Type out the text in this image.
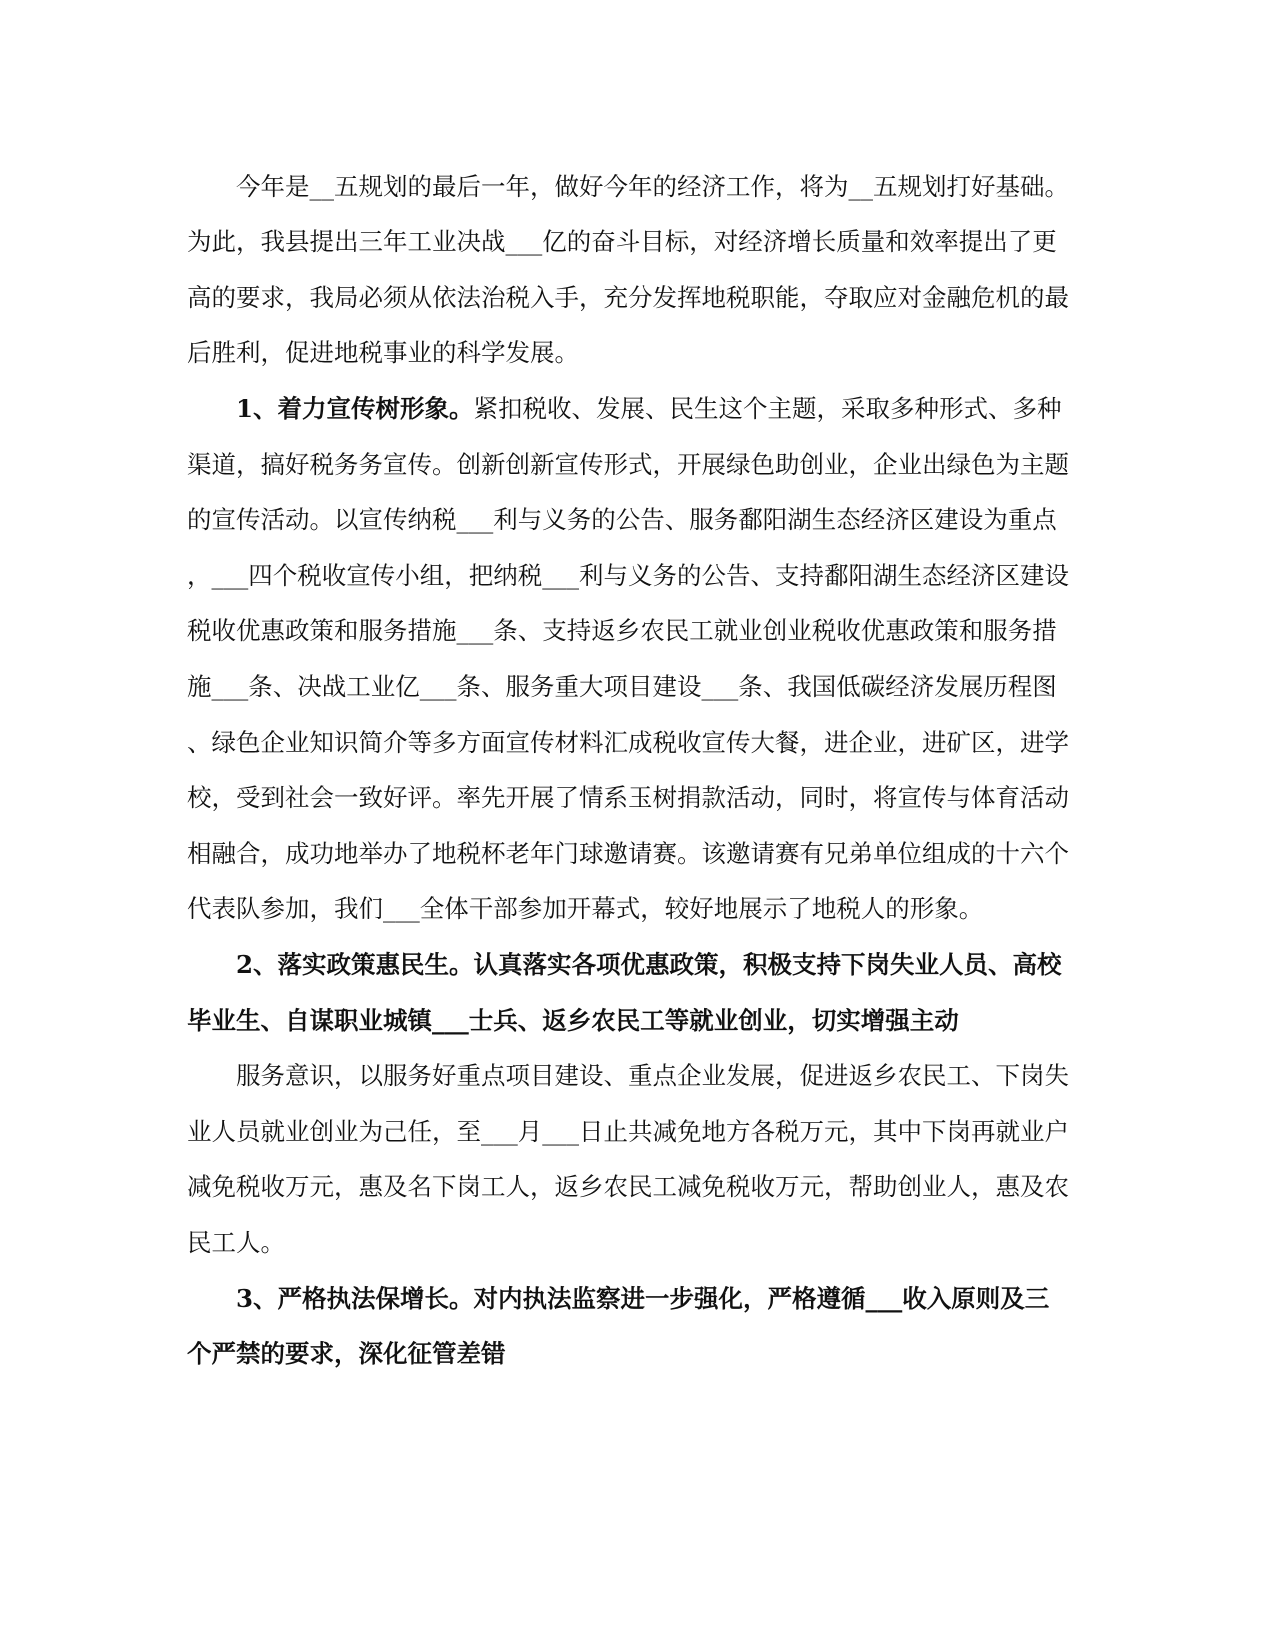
今年是__五规划的最后一年，做好今年的经济工作，将为__五规划打好基础。
为此，我县提出三年工业决战___亿的奋斗目标，对经济增长质量和效率提出了更
高的要求，我局必须从依法治税入手，充分发挥地税职能，夺取应对金融危机的最
后胜利，促进地税事业的科学发展。
1、着力宣传树形象。紧扣税收、发展、民生这个主题，采取多种形式、多种
渠道，搞好税务务宣传。创新创新宣传形式，开展绿色助创业，企业出绿色为主题
的宣传活动。以宣传纳税___利与义务的公告、服务鄱阳湖生态经济区建设为重点
，___四个税收宣传小组，把纳税___利与义务的公告、支持鄱阳湖生态经济区建设
税收优惠政策和服务措施___条、支持返乡农民工就业创业税收优惠政策和服务措
施___条、决战工业亿___条、服务重大项目建设___条、我国低碳经济发展历程图
、绿色企业知识简介等多方面宣传材料汇成税收宣传大餐，进企业，进矿区，进学
校，受到社会一致好评。率先开展了情系玉树捐款活动，同时，将宣传与体育活动
相融合，成功地举办了地税杯老年门球邀请赛。该邀请赛有兄弟单位组成的十六个
代表队参加，我们___全体干部参加开幕式，较好地展示了地税人的形象。
2、落实政策惠民生。认真落实各项优惠政策，积极支持下岗失业人员、高校
毕业生、自谋职业城镇___士兵、返乡农民工等就业创业，切实增强主动
服务意识，以服务好重点项目建设、重点企业发展，促进返乡农民工、下岗失
业人员就业创业为己任，至___月___日止共减免地方各税万元，其中下岗再就业户
减免税收万元，惠及名下岗工人，返乡农民工减免税收万元，帮助创业人，惠及农
民工人。
3、严格执法保增长。对内执法监察进一步强化，严格遵循___收入原则及三
个严禁的要求，深化征管差错
